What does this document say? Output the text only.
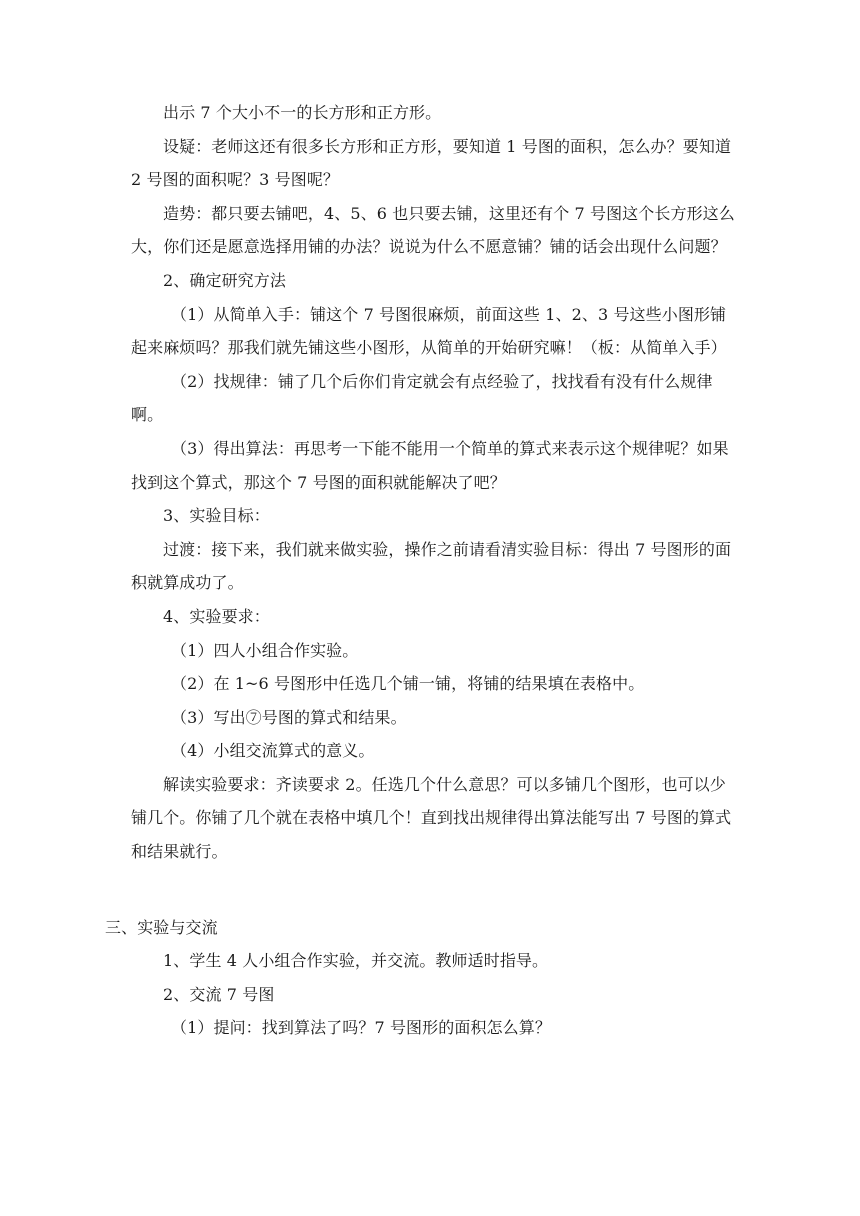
出示 7 个大小不一的长方形和正方形。

设疑：老师这还有很多长方形和正方形，要知道 1 号图的面积，怎么办？要知道 2 号图的面积呢？3 号图呢？

造势：都只要去铺吧，4、5、6 也只要去铺，这里还有个 7 号图这个长方形这么大，你们还是愿意选择用铺的办法？说说为什么不愿意铺？铺的话会出现什么问题？

2、确定研究方法

（1）从简单入手：铺这个 7 号图很麻烦，前面这些 1、2、3 号这些小图形铺起来麻烦吗？那我们就先铺这些小图形，从简单的开始研究嘛！（板：从简单入手）

（2）找规律：铺了几个后你们肯定就会有点经验了，找找看有没有什么规律啊。

（3）得出算法：再思考一下能不能用一个简单的算式来表示这个规律呢？如果找到这个算式，那这个 7 号图的面积就能解决了吧？

3、实验目标：

过渡：接下来，我们就来做实验，操作之前请看清实验目标：得出 7 号图形的面积就算成功了。

4、实验要求：

（1）四人小组合作实验。

（2）在 1~6 号图形中任选几个铺一铺，将铺的结果填在表格中。

（3）写出⑦号图的算式和结果。

（4）小组交流算式的意义。

解读实验要求：齐读要求 2。任选几个什么意思？可以多铺几个图形，也可以少铺几个。你铺了几个就在表格中填几个！直到找出规律得出算法能写出 7 号图的算式和结果就行。

三、实验与交流

1、学生 4 人小组合作实验，并交流。教师适时指导。

2、交流 7 号图

（1）提问：找到算法了吗？7 号图形的面积怎么算？
